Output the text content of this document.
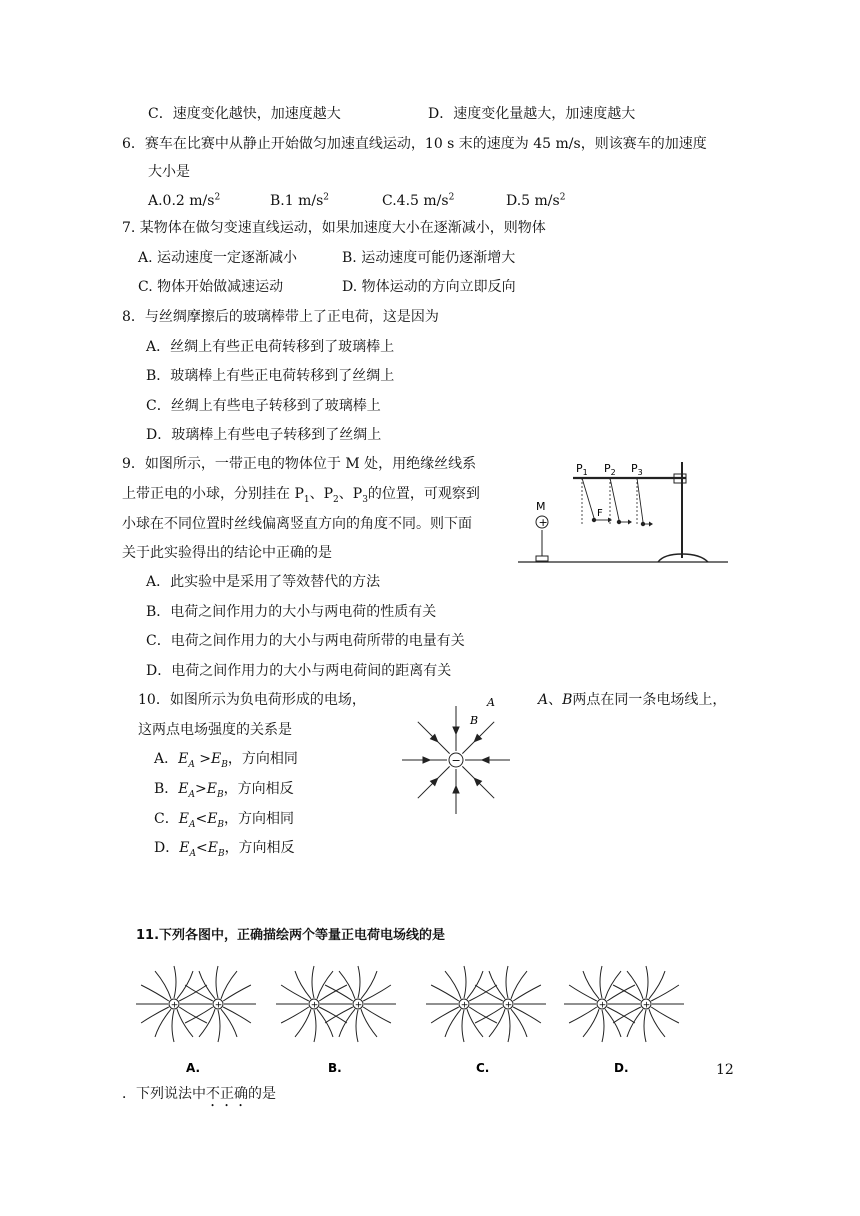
C．速度变化越快，加速度越大	D．速度变化量越大，加速度越大
6．赛车在比赛中从静止开始做匀加速直线运动，10 s 末的速度为 45 m/s，则该赛车的加速度
大小是
A.0.2 $m/s^2$	B.1 $m/s^2$	C.4.5 $m/s^2$	D.5 $m/s^2$
7. 某物体在做匀变速直线运动，如果加速度大小在逐渐减小，则物体
A. 运动速度一定逐渐减小	B. 运动速度可能仍逐渐增大
C. 物体开始做减速运动	D. 物体运动的方向立即反向
8．与丝绸摩擦后的玻璃棒带上了正电荷，这是因为
A．丝绸上有些正电荷转移到了玻璃棒上
B．玻璃棒上有些正电荷转移到了丝绸上
C．丝绸上有些电子转移到了玻璃棒上
D．玻璃棒上有些电子转移到了丝绸上
9．如图所示，一带正电的物体位于 M 处，用绝缘丝线系
上带正电的小球，分别挂在 $P_1$、$P_2$、$P_3$的位置，可观察到
小球在不同位置时丝线偏离竖直方向的角度不同。则下面
关于此实验得出的结论中正确的是
A．此实验中是采用了等效替代的方法
B．电荷之间作用力的大小与两电荷的性质有关
C．电荷之间作用力的大小与两电荷所带的电量有关
D．电荷之间作用力的大小与两电荷间的距离有关
+
M
$P_1$ $P_2$ $P_3$
F
10．如图所示为负电荷形成的电场，	A、B两点在同一条电场线上，
这两点电场强度的关系是
A．$E_A >E_B$，方向相同
B．$E_A>E_B$，方向相反
C．$E_A<E_B$，方向相同
D．$E_A<E_B$，方向相反
−
A
B
11.下列各图中，正确描绘两个等量正电荷电场线的是
+	+	+	+	+	+	+	+
A.	B.	C.	D.	12
．下列说法中不正确的是
